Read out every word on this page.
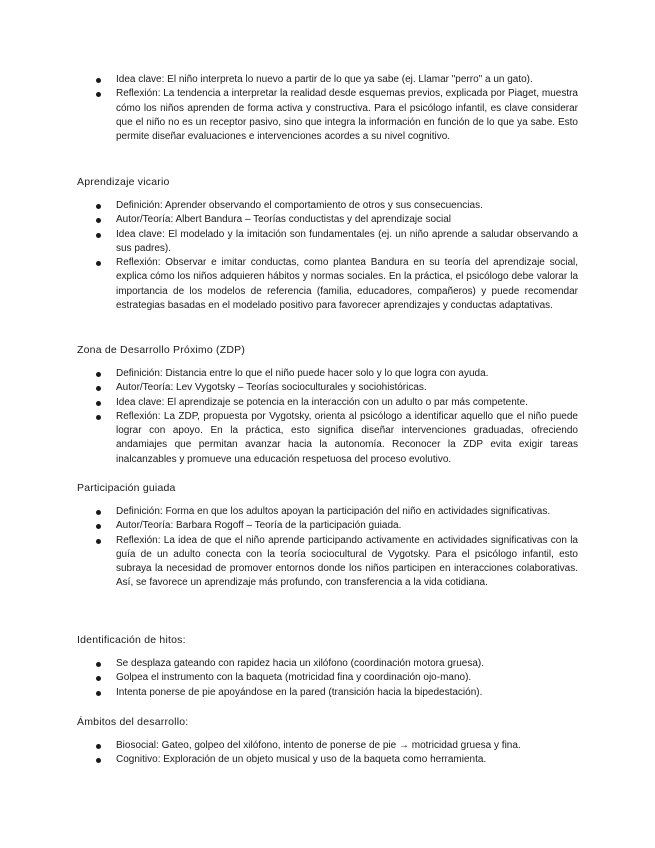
Idea clave: El niño interpreta lo nuevo a partir de lo que ya sabe (ej. Llamar "perro" a un gato).
Reflexión: La tendencia a interpretar la realidad desde esquemas previos, explicada por Piaget, muestra cómo los niños aprenden de forma activa y constructiva. Para el psicólogo infantil, es clave considerar que el niño no es un receptor pasivo, sino que integra la información en función de lo que ya sabe. Esto permite diseñar evaluaciones e intervenciones acordes a su nivel cognitivo.
Aprendizaje vicario
Definición: Aprender observando el comportamiento de otros y sus consecuencias.
Autor/Teoría: Albert Bandura – Teorías conductistas y del aprendizaje social
Idea clave: El modelado y la imitación son fundamentales (ej. un niño aprende a saludar observando a sus padres).
Reflexión: Observar e imitar conductas, como plantea Bandura en su teoría del aprendizaje social, explica cómo los niños adquieren hábitos y normas sociales. En la práctica, el psicólogo debe valorar la importancia de los modelos de referencia (familia, educadores, compañeros) y puede recomendar estrategias basadas en el modelado positivo para favorecer aprendizajes y conductas adaptativas.
Zona de Desarrollo Próximo (ZDP)
Definición: Distancia entre lo que el niño puede hacer solo y lo que logra con ayuda.
Autor/Teoría: Lev Vygotsky – Teorías socioculturales y sociohistóricas.
Idea clave: El aprendizaje se potencia en la interacción con un adulto o par más competente.
Reflexión: La ZDP, propuesta por Vygotsky, orienta al psicólogo a identificar aquello que el niño puede lograr con apoyo. En la práctica, esto significa diseñar intervenciones graduadas, ofreciendo andamiajes que permitan avanzar hacia la autonomía. Reconocer la ZDP evita exigir tareas inalcanzables y promueve una educación respetuosa del proceso evolutivo.
Participación guiada
Definición: Forma en que los adultos apoyan la participación del niño en actividades significativas.
Autor/Teoría: Barbara Rogoff – Teoría de la participación guiada.
Reflexión: La idea de que el niño aprende participando activamente en actividades significativas con la guía de un adulto conecta con la teoría sociocultural de Vygotsky. Para el psicólogo infantil, esto subraya la necesidad de promover entornos donde los niños participen en interacciones colaborativas. Así, se favorece un aprendizaje más profundo, con transferencia a la vida cotidiana.
Identificación de hitos:
Se desplaza gateando con rapidez hacia un xilófono (coordinación motora gruesa).
Golpea el instrumento con la baqueta (motricidad fina y coordinación ojo-mano).
Intenta ponerse de pie apoyándose en la pared (transición hacia la bipedestación).
Ámbitos del desarrollo:
Biosocial: Gateo, golpeo del xilófono, intento de ponerse de pie → motricidad gruesa y fina.
Cognitivo: Exploración de un objeto musical y uso de la baqueta como herramienta.
